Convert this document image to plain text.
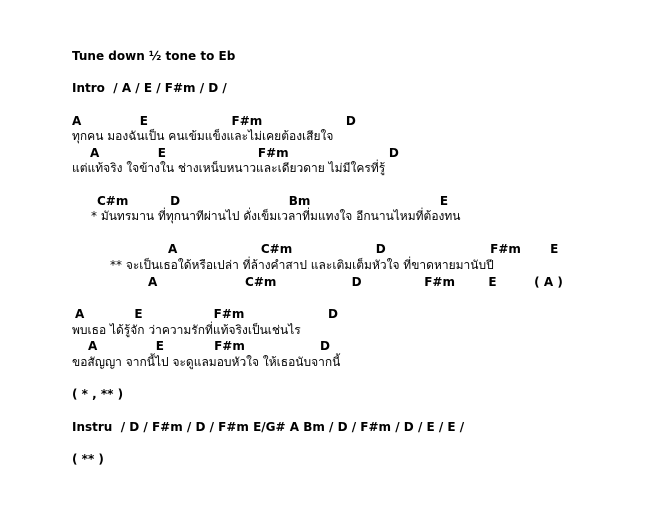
Tune down ½ tone to Eb
Intro  / A / E / F#m / D /
A              E                    F#m                    D
ทุกคน มองฉันเป็น คนเข้มแข็งและไม่เคยต้องเสียใจ
A              E                      F#m                        D
แต่แท้จริง ใจข้างใน ช่างเหน็บหนาวและเดียวดาย ไม่มีใครที่รู้
C#m          D                          Bm                               E
* มันทรมาน ที่ทุกนาทีผ่านไป ดั่งเข็มเวลาที่มแทงใจ อีกนานไหมที่ต้องทน
A                    C#m                    D                         F#m       E
** จะเป็นเธอใด้หรือเปล่า ที่ล้างคำสาป และเติมเต็มหัวใจ ที่ขาดหายมานับปี
A                     C#m                  D               F#m        E         ( A )
A            E                 F#m                    D
พบเธอ ได้รู้จัก ว่าความรักที่แท้จริงเป็นเช่นไร
A              E            F#m                  D
ขอสัญญา จากนี้ไป จะดูแลมอบหัวใจ ให้เธอนับจากนี้
( * , ** )
Instru  / D / F#m / D / F#m E/G# A Bm / D / F#m / D / E / E /
( ** )
